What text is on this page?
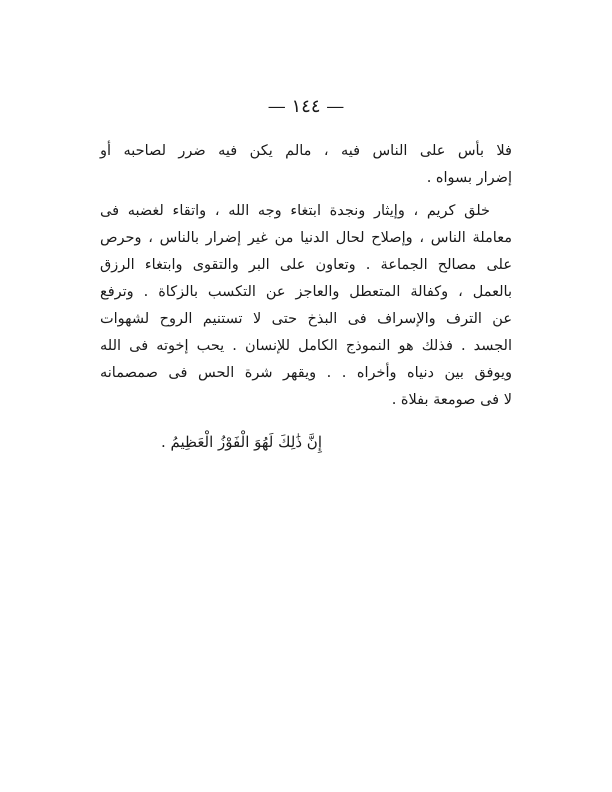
— ١٤٤ —
فلا بأس على الناس فيه ، مالم يكن فيه ضرر لصاحبه أو
إضرار بسواه .
خلق كريم ، وإيثار ونجدة ابتغاء وجه الله ، واتقاء لغضبه فى
معاملة الناس ، وإصلاح لحال الدنيا من غير إضرار بالناس ، وحرص
على مصالح الجماعة . وتعاون على البر والتقوى وابتغاء الرزق
بالعمل ، وكفالة المتعطل والعاجز عن التكسب بالزكاة . وترفع
عن الترف والإسراف فى البذخ حتى لا تستنيم الروح لشهوات
الجسد . فذلك هو النموذج الكامل للإنسان . يحب إخوته فى الله
ويوفق بين دنياه وأخراه . . ويقهر شرة الحس فى صمصمانه
لا فى صومعة بفلاة .
إِنَّ ذَٰلِكَ لَهُوَ الْفَوْزُ الْعَظِيمُ .
